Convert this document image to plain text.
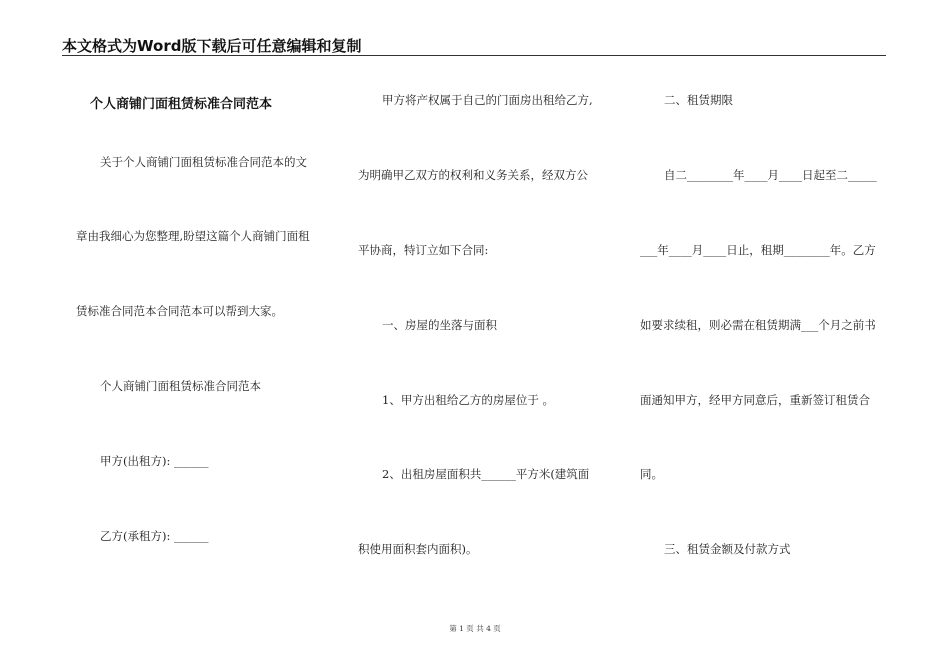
本文格式为Word版下载后可任意编辑和复制
个人商铺门面租赁标准合同范本
关于个人商铺门面租赁标准合同范本的文
章由我细心为您整理,盼望这篇个人商铺门面租
赁标准合同范本合同范本可以帮到大家。
个人商铺门面租赁标准合同范本
甲方(出租方): ______
乙方(承租方): ______
甲方将产权属于自己的门面房出租给乙方,
为明确甲乙双方的权利和义务关系，经双方公
平协商，特订立如下合同:
一、房屋的坐落与面积
1、甲方出租给乙方的房屋位于 。
2、出租房屋面积共______平方米(建筑面
积使用面积套内面积)。
二、租赁期限
自二________年____月____日起至二_____
___年____月____日止，租期________年。乙方
如要求续租，则必需在租赁期满___个月之前书
面通知甲方，经甲方同意后，重新签订租赁合
同。
三、租赁金额及付款方式
第 1 页 共 4 页
